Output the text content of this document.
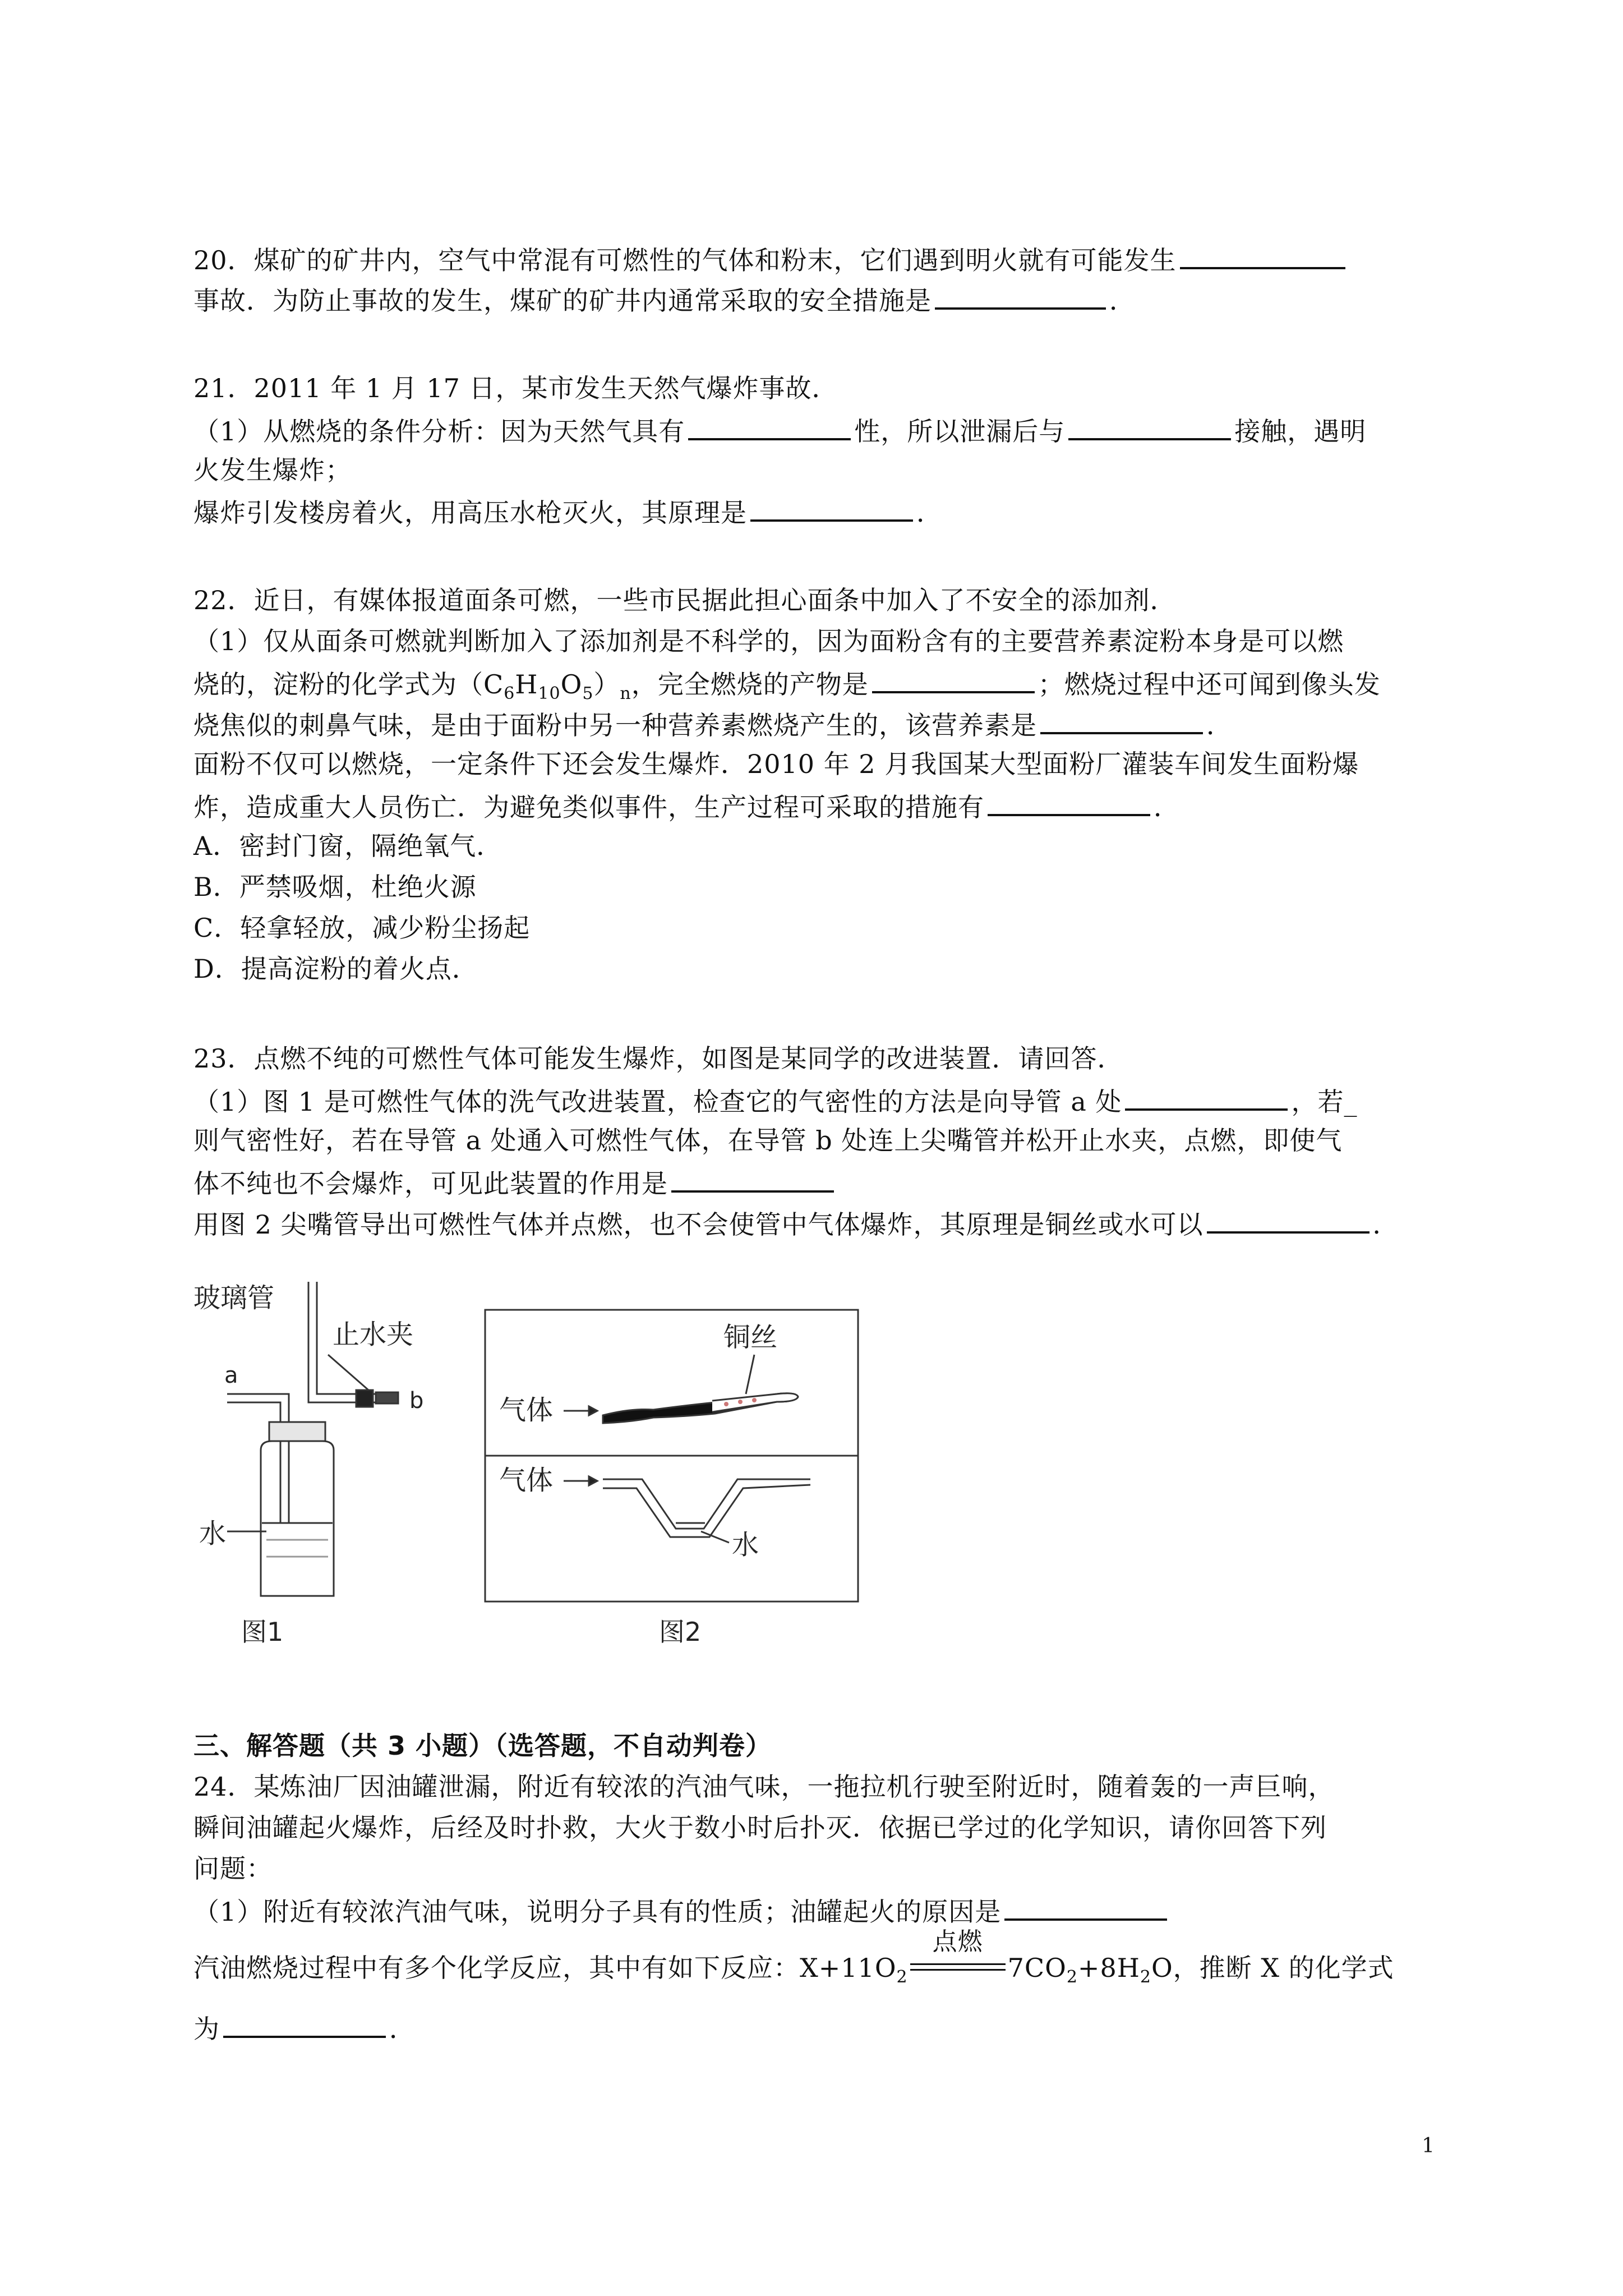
20．煤矿的矿井内，空气中常混有可燃性的气体和粉末，它们遇到明火就有可能发生
事故．为防止事故的发生，煤矿的矿井内通常采取的安全措施是	．
21．2011 年 1 月 17 日，某市发生天然气爆炸事故．
（1）从燃烧的条件分析：因为天然气具有	性，所以泄漏后与	接触，遇明
火发生爆炸；
爆炸引发楼房着火，用高压水枪灭火，其原理是	．
22．近日，有媒体报道面条可燃，一些市民据此担心面条中加入了不安全的添加剂．
（1）仅从面条可燃就判断加入了添加剂是不科学的，因为面粉含有的主要营养素淀粉本身是可以燃
烧的，淀粉的化学式为$(C_6H_{10}O_5)_n$，完全燃烧的产物是	；燃烧过程中还可闻到像头发
烧焦似的刺鼻气味，是由于面粉中另一种营养素燃烧产生的，该营养素是	．
面粉不仅可以燃烧，一定条件下还会发生爆炸．2010 年 2 月我国某大型面粉厂灌装车间发生面粉爆
炸，造成重大人员伤亡．为避免类似事件，生产过程可采取的措施有	．
A．密封门窗，隔绝氧气．
B．严禁吸烟，杜绝火源
C．轻拿轻放，减少粉尘扬起
D．提高淀粉的着火点．
23．点燃不纯的可燃性气体可能发生爆炸，如图是某同学的改进装置．请回答．
（1）图 1 是可燃性气体的洗气改进装置，检查它的气密性的方法是向导管 a 处	，若_
则气密性好，若在导管 a 处通入可燃性气体，在导管 b 处连上尖嘴管并松开止水夹，点燃，即使气
体不纯也不会爆炸，可见此装置的作用是
用图 2 尖嘴管导出可燃性气体并点燃，也不会使管中气体爆炸，其原理是铜丝或水可以	．
玻璃管
止水夹
a
b
水
图1
铜丝
气体
气体
水
图2
三、解答题（共 3 小题）（选答题，不自动判卷）
24．某炼油厂因油罐泄漏，附近有较浓的汽油气味，一拖拉机行驶至附近时，随着轰的一声巨响，
瞬间油罐起火爆炸，后经及时扑救，大火于数小时后扑灭．依据已学过的化学知识，请你回答下列
问题：
（1）附近有较浓汽油气味，说明分子具有的性质；油罐起火的原因是
汽油燃烧过程中有多个化学反应，其中有如下反应：$X+11O_2$
点燃
$7CO_2+8H_2O$，推断 X 的化学式
为	．
1
